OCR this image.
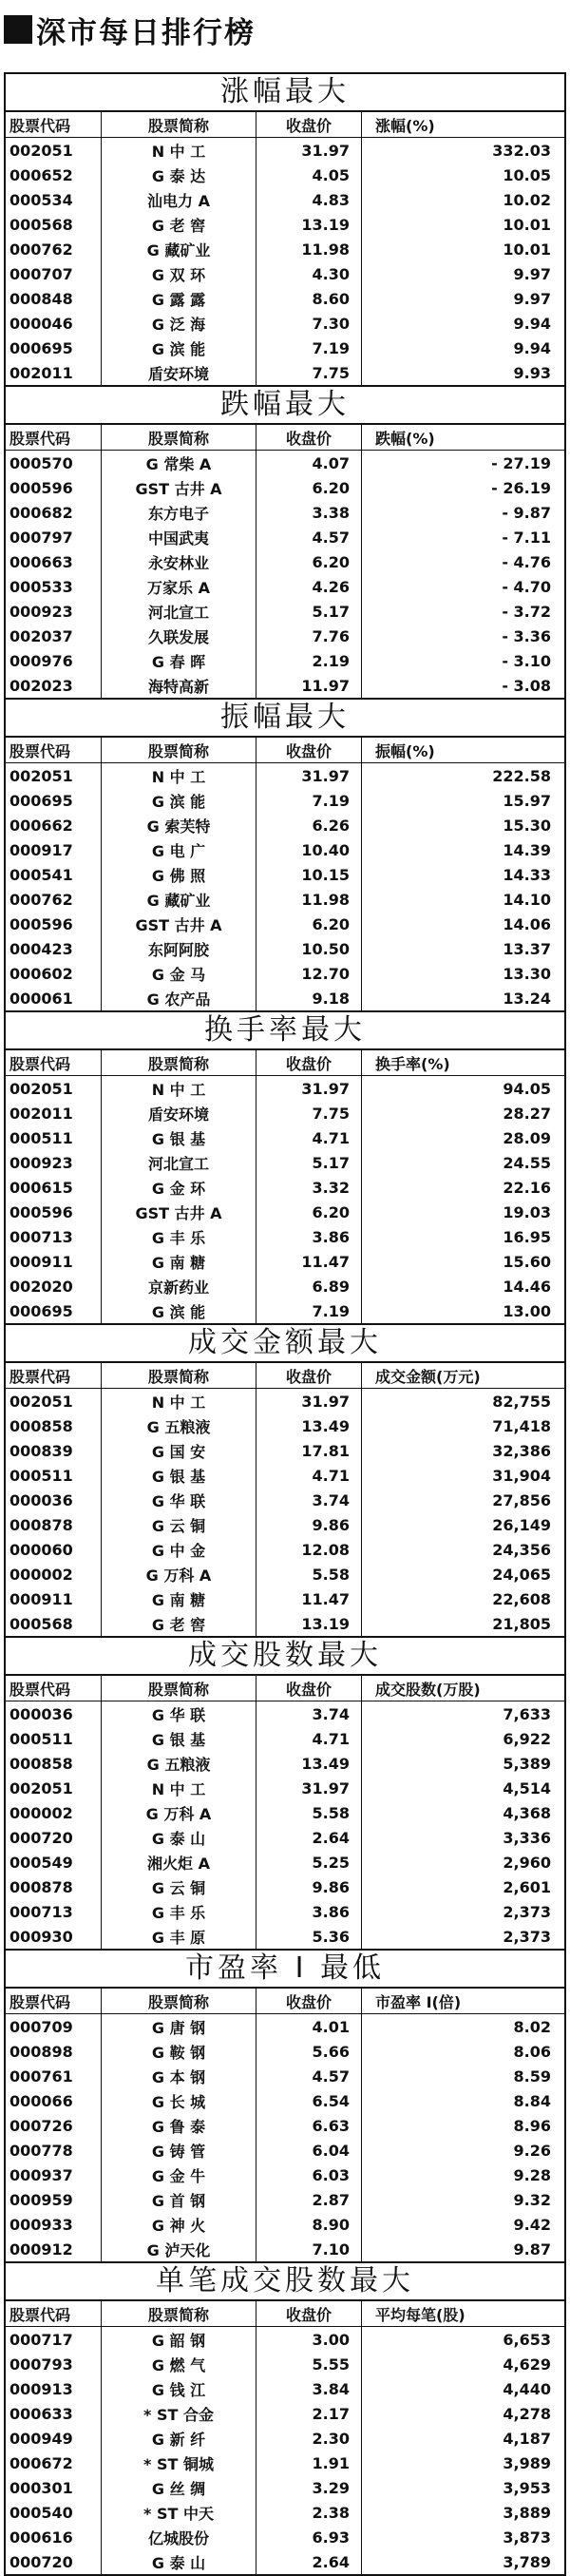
深市每日排行榜
涨幅最大
股票代码	股票简称	收盘价	涨幅(%)
002051	N 中 工	31.97	332.03
000652	G 泰 达	4.05	10.05
000534	汕电力 A	4.83	10.02
000568	G 老 窖	13.19	10.01
000762	G 藏矿业	11.98	10.01
000707	G 双 环	4.30	9.97
000848	G 露 露	8.60	9.97
000046	G 泛 海	7.30	9.94
000695	G 滨 能	7.19	9.94
002011	盾安环境	7.75	9.93
跌幅最大
股票代码	股票简称	收盘价	跌幅(%)
000570	G 常柴 A	4.07	- 27.19
000596	GST 古井 A	6.20	- 26.19
000682	东方电子	3.38	- 9.87
000797	中国武夷	4.57	- 7.11
000663	永安林业	6.20	- 4.76
000533	万家乐 A	4.26	- 4.70
000923	河北宣工	5.17	- 3.72
002037	久联发展	7.76	- 3.36
000976	G 春 晖	2.19	- 3.10
002023	海特高新	11.97	- 3.08
振幅最大
股票代码	股票简称	收盘价	振幅(%)
002051	N 中 工	31.97	222.58
000695	G 滨 能	7.19	15.97
000662	G 索芙特	6.26	15.30
000917	G 电 广	10.40	14.39
000541	G 佛 照	10.15	14.33
000762	G 藏矿业	11.98	14.10
000596	GST 古井 A	6.20	14.06
000423	东阿阿胶	10.50	13.37
000602	G 金 马	12.70	13.30
000061	G 农产品	9.18	13.24
换手率最大
股票代码	股票简称	收盘价	换手率(%)
002051	N 中 工	31.97	94.05
002011	盾安环境	7.75	28.27
000511	G 银 基	4.71	28.09
000923	河北宣工	5.17	24.55
000615	G 金 环	3.32	22.16
000596	GST 古井 A	6.20	19.03
000713	G 丰 乐	3.86	16.95
000911	G 南 糖	11.47	15.60
002020	京新药业	6.89	14.46
000695	G 滨 能	7.19	13.00
成交金额最大
股票代码	股票简称	收盘价	成交金额(万元)
002051	N 中 工	31.97	82,755
000858	G 五粮液	13.49	71,418
000839	G 国 安	17.81	32,386
000511	G 银 基	4.71	31,904
000036	G 华 联	3.74	27,856
000878	G 云 铜	9.86	26,149
000060	G 中 金	12.08	24,356
000002	G 万科 A	5.58	24,065
000911	G 南 糖	11.47	22,608
000568	G 老 窖	13.19	21,805
成交股数最大
股票代码	股票简称	收盘价	成交股数(万股)
000036	G 华 联	3.74	7,633
000511	G 银 基	4.71	6,922
000858	G 五粮液	13.49	5,389
002051	N 中 工	31.97	4,514
000002	G 万科 A	5.58	4,368
000720	G 泰 山	2.64	3,336
000549	湘火炬 A	5.25	2,960
000878	G 云 铜	9.86	2,601
000713	G 丰 乐	3.86	2,373
000930	G 丰 原	5.36	2,373
市盈率 I 最低
股票代码	股票简称	收盘价	市盈率 I(倍)
000709	G 唐 钢	4.01	8.02
000898	G 鞍 钢	5.66	8.06
000761	G 本 钢	4.57	8.59
000066	G 长 城	6.54	8.84
000726	G 鲁 泰	6.63	8.96
000778	G 铸 管	6.04	9.26
000937	G 金 牛	6.03	9.28
000959	G 首 钢	2.87	9.32
000933	G 神 火	8.90	9.42
000912	G 泸天化	7.10	9.87
单笔成交股数最大
股票代码	股票简称	收盘价	平均每笔(股)
000717	G 韶 钢	3.00	6,653
000793	G 燃 气	5.55	4,629
000913	G 钱 江	3.84	4,440
000633	* ST 合金	2.17	4,278
000949	G 新 纤	2.30	4,187
000672	* ST 铜城	1.91	3,989
000301	G 丝 绸	3.29	3,953
000540	* ST 中天	2.38	3,889
000616	亿城股份	6.93	3,873
000720	G 泰 山	2.64	3,789
